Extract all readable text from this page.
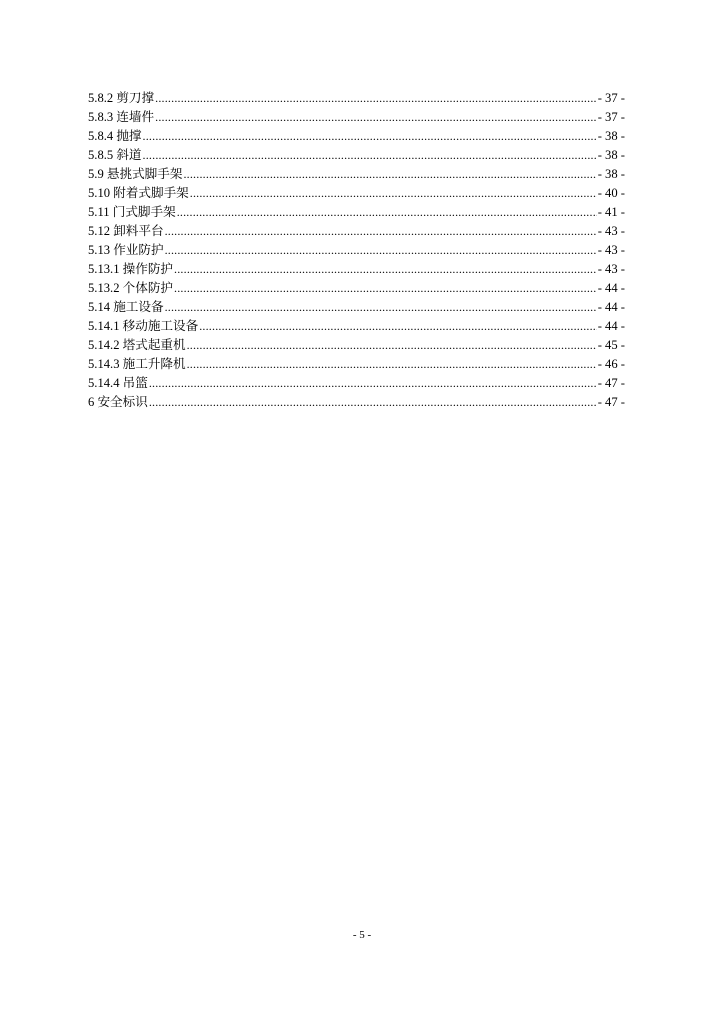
5.8.2 剪刀撑 .....	- 37 -
5.8.3 连墙件 .....	- 37 -
5.8.4 抛撑 .....	- 38 -
5.8.5 斜道 .....	- 38 -
5.9 悬挑式脚手架 .....	- 38 -
5.10 附着式脚手架 .....	- 40 -
5.11 门式脚手架 .....	- 41 -
5.12 卸料平台 .....	- 43 -
5.13 作业防护 .....	- 43 -
5.13.1 操作防护 .....	- 43 -
5.13.2 个体防护 .....	- 44 -
5.14 施工设备 .....	- 44 -
5.14.1 移动施工设备 .....	- 44 -
5.14.2 塔式起重机 .....	- 45 -
5.14.3 施工升降机 .....	- 46 -
5.14.4 吊篮 .....	- 47 -
6 安全标识 .....	- 47 -
- 5 -
